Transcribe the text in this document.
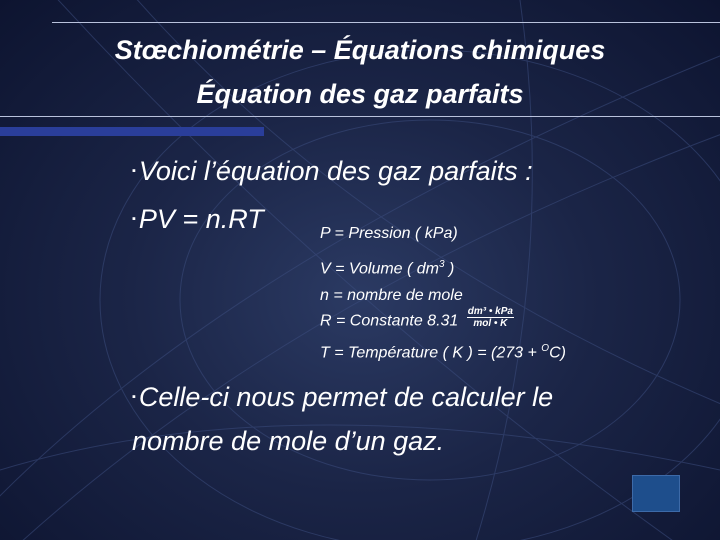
Stœchiométrie – Équations chimiques
Équation des gaz parfaits
▪ Voici l’équation des gaz parfaits :
▪ PV = n.RT	P = Pression ( kPa)
V = Volume ( $dm^3$ )
n = nombre de mole
R = Constante $8.31 \frac{\text{dm³ • kPa}}{\text{mol • K}}$
T = Température ( K ) = (273 + $^O$C)
▪ Celle-ci nous permet de calculer le
nombre de mole d’un gaz.
